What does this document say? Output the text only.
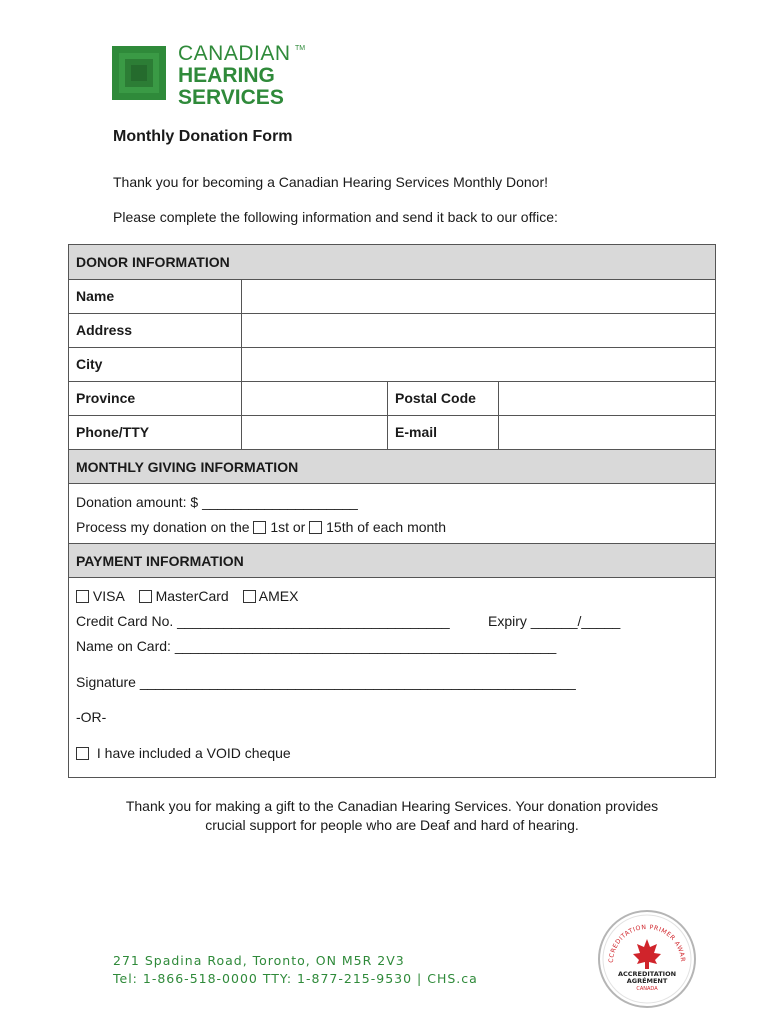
CANADIAN
HEARING
SERVICES
TM
Monthly Donation Form
Thank you for becoming a Canadian Hearing Services Monthly Donor!
Please complete the following information and send it back to our office:
DONOR INFORMATION
Name
Address
City
Province	Postal Code
Phone/TTY	E-mail
MONTHLY GIVING INFORMATION
Donation amount: $ ____________________
Process my donation on the 1st or 15th of each month
PAYMENT INFORMATION
VISA MasterCard AMEX
Credit Card No. ___________________________________	Expiry ______/_____
Name on Card: _________________________________________________
Signature ________________________________________________________
-OR-
I have included a VOID cheque
Thank you for making a gift to the Canadian Hearing Services. Your donation provides
crucial support for people who are Deaf and hard of hearing.
271 Spadina Road, Toronto, ON M5R 2V3
Tel: 1-866-518-0000 TTY: 1-877-215-9530 | CHS.ca
CCREDITATION PRIMER AWAR
ACCREDITATION
AGRÉMENT
CANADA
